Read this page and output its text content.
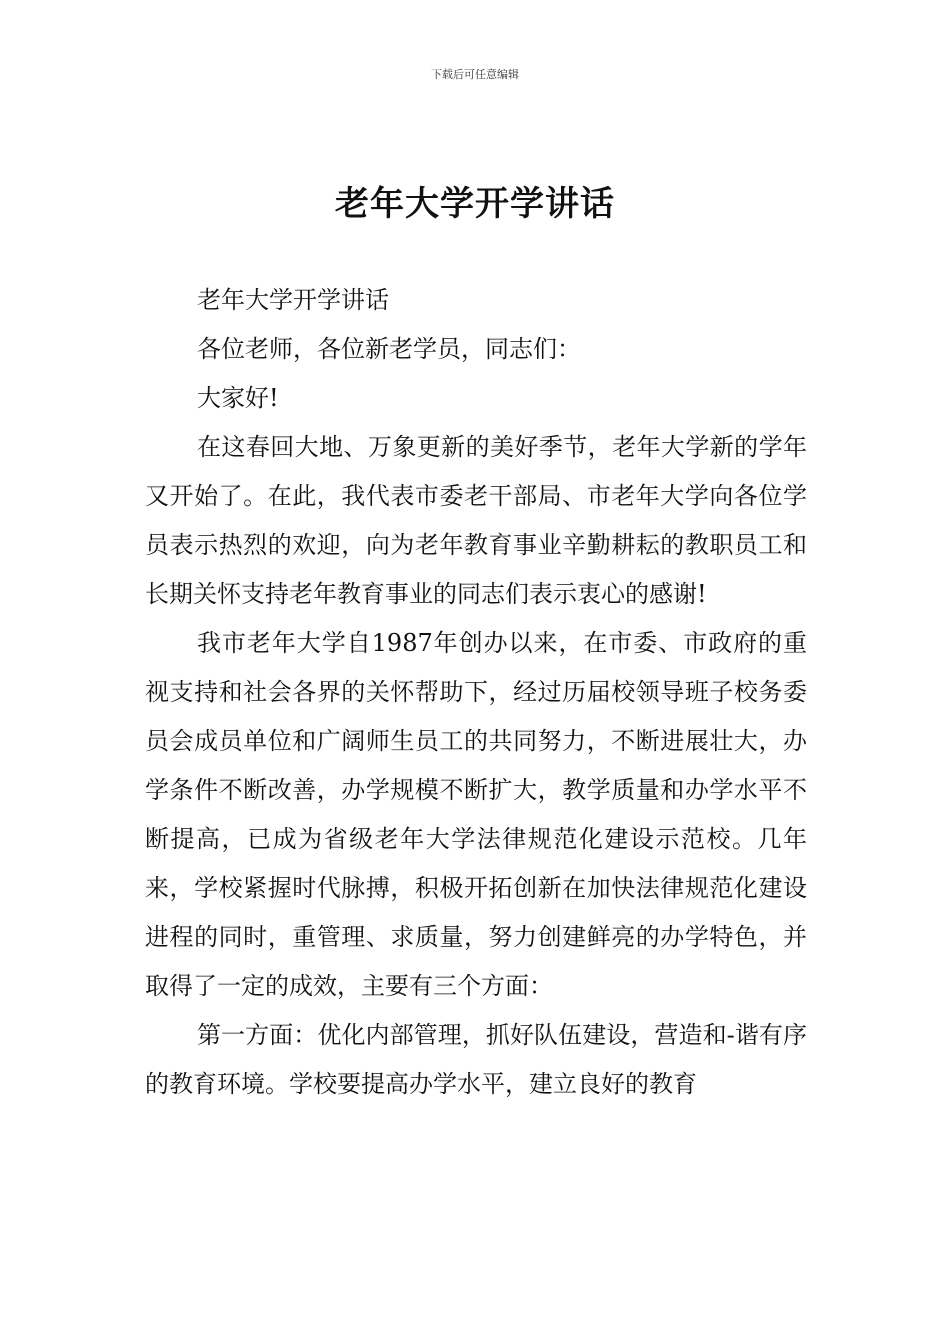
下载后可任意编辑
老年大学开学讲话

老年大学开学讲话

各位老师，各位新老学员，同志们：

大家好!

在这春回大地、万象更新的美好季节，老年大学新的学年又开始了。在此，我代表市委老干部局、市老年大学向各位学员表示热烈的欢迎，向为老年教育事业辛勤耕耘的教职员工和长期关怀支持老年教育事业的同志们表示衷心的感谢!

我市老年大学自1987年创办以来，在市委、市政府的重视支持和社会各界的关怀帮助下，经过历届校领导班子校务委员会成员单位和广阔师生员工的共同努力，不断进展壮大，办学条件不断改善，办学规模不断扩大，教学质量和办学水平不断提高，已成为省级老年大学法律规范化建设示范校。几年来，学校紧握时代脉搏，积极开拓创新在加快法律规范化建设进程的同时，重管理、求质量，努力创建鲜亮的办学特色，并取得了一定的成效，主要有三个方面：

第一方面：优化内部管理，抓好队伍建设，营造和-谐有序的教育环境。学校要提高办学水平，建立良好的教育
